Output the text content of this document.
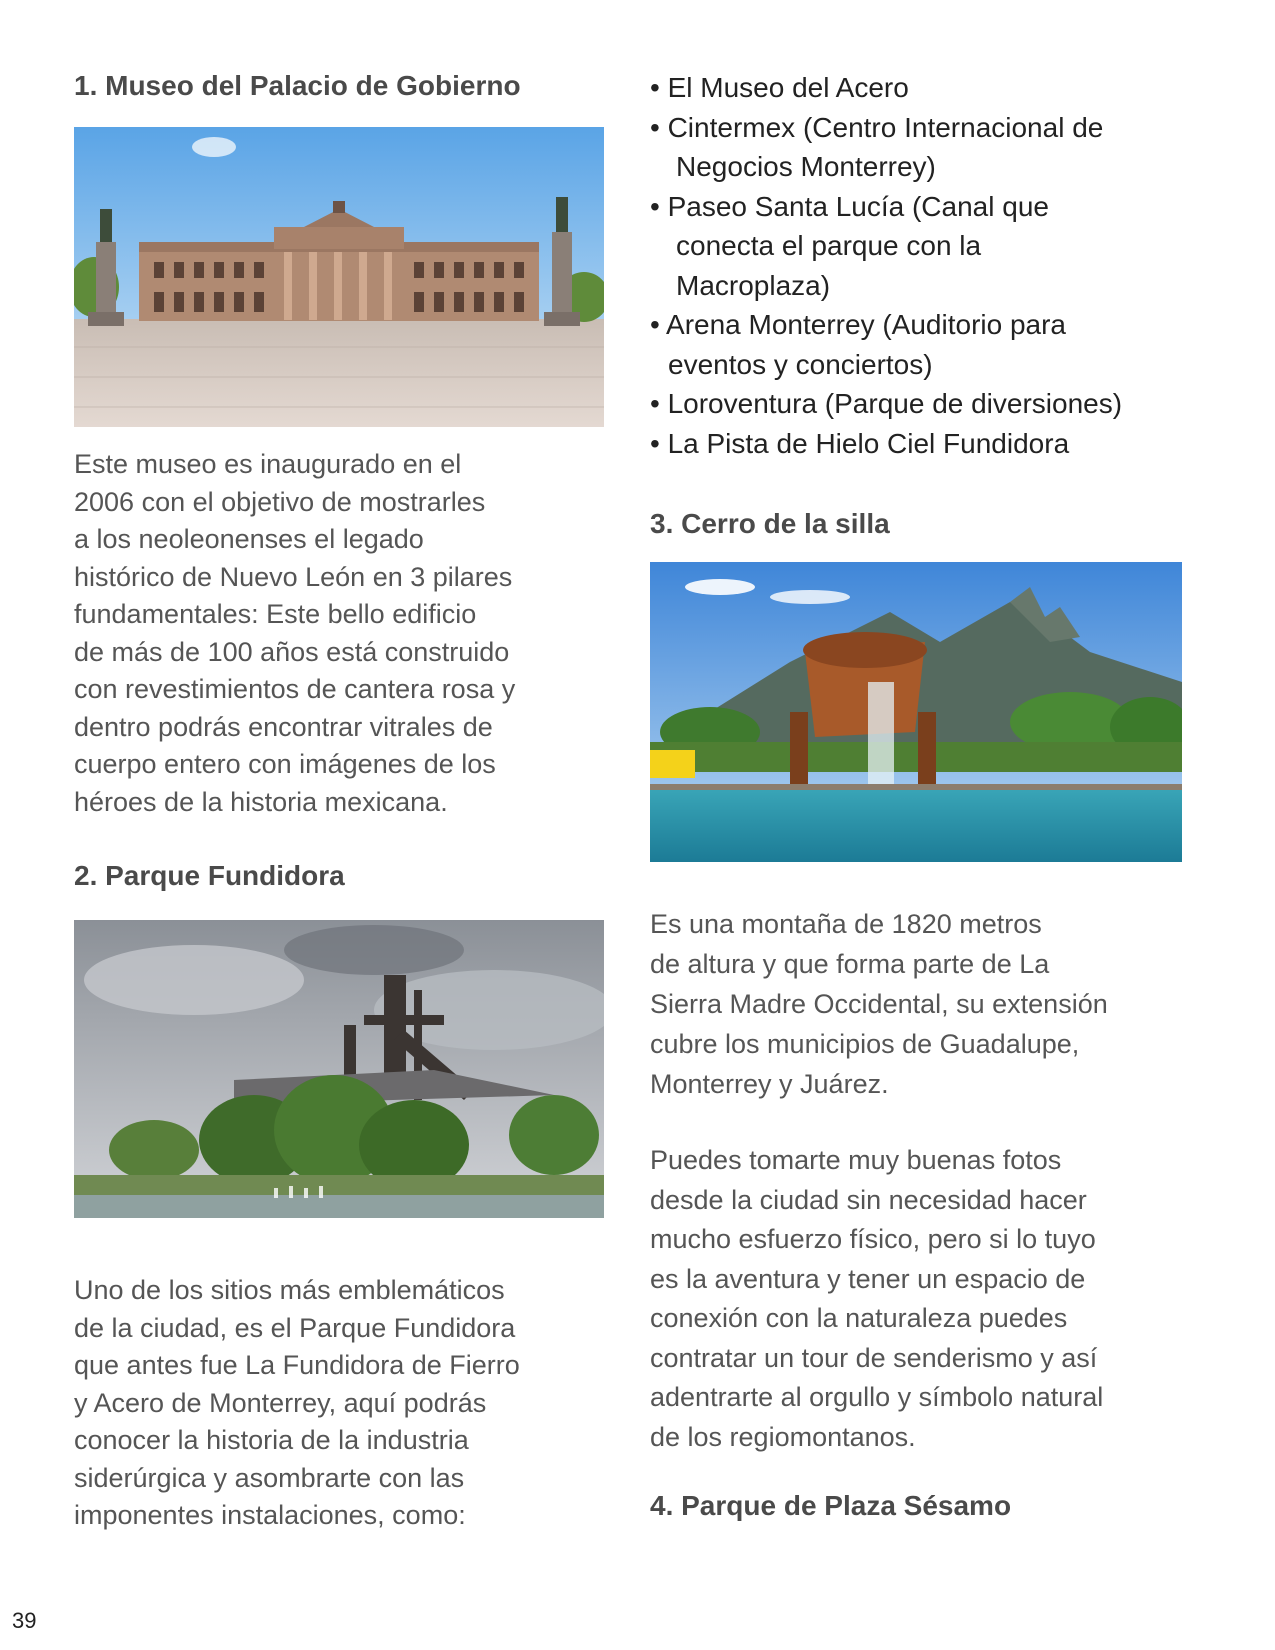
1. Museo del Palacio de Gobierno
Este museo es inaugurado en el
2006 con el objetivo de mostrarles
a los neoleonenses el legado
histórico de Nuevo León en 3 pilares
fundamentales: Este bello edificio
de más de 100 años está construido
con revestimientos de cantera rosa y
dentro podrás encontrar vitrales de
cuerpo entero con imágenes de los
héroes de la historia mexicana.
2. Parque Fundidora
Uno de los sitios más emblemáticos
de la ciudad, es el Parque Fundidora
que antes fue La Fundidora de Fierro
y Acero de Monterrey, aquí podrás
conocer la historia de la industria
siderúrgica y asombrarte con las
imponentes instalaciones, como:
• El Museo del Acero
• Cintermex (Centro Internacional de
Negocios Monterrey)
• Paseo Santa Lucía (Canal que
conecta el parque con la
Macroplaza)
• Arena Monterrey (Auditorio para
eventos y conciertos)
• Loroventura (Parque de diversiones)
• La Pista de Hielo Ciel Fundidora
3. Cerro de la silla
Es una montaña de 1820 metros
de altura y que forma parte de La
Sierra Madre Occidental, su extensión
cubre los municipios de Guadalupe,
Monterrey y Juárez.
Puedes tomarte muy buenas fotos
desde la ciudad sin necesidad hacer
mucho esfuerzo físico, pero si lo tuyo
es la aventura y tener un espacio de
conexión con la naturaleza puedes
contratar un tour de senderismo y así
adentrarte al orgullo y símbolo natural
de los regiomontanos.
4. Parque de Plaza Sésamo
39
